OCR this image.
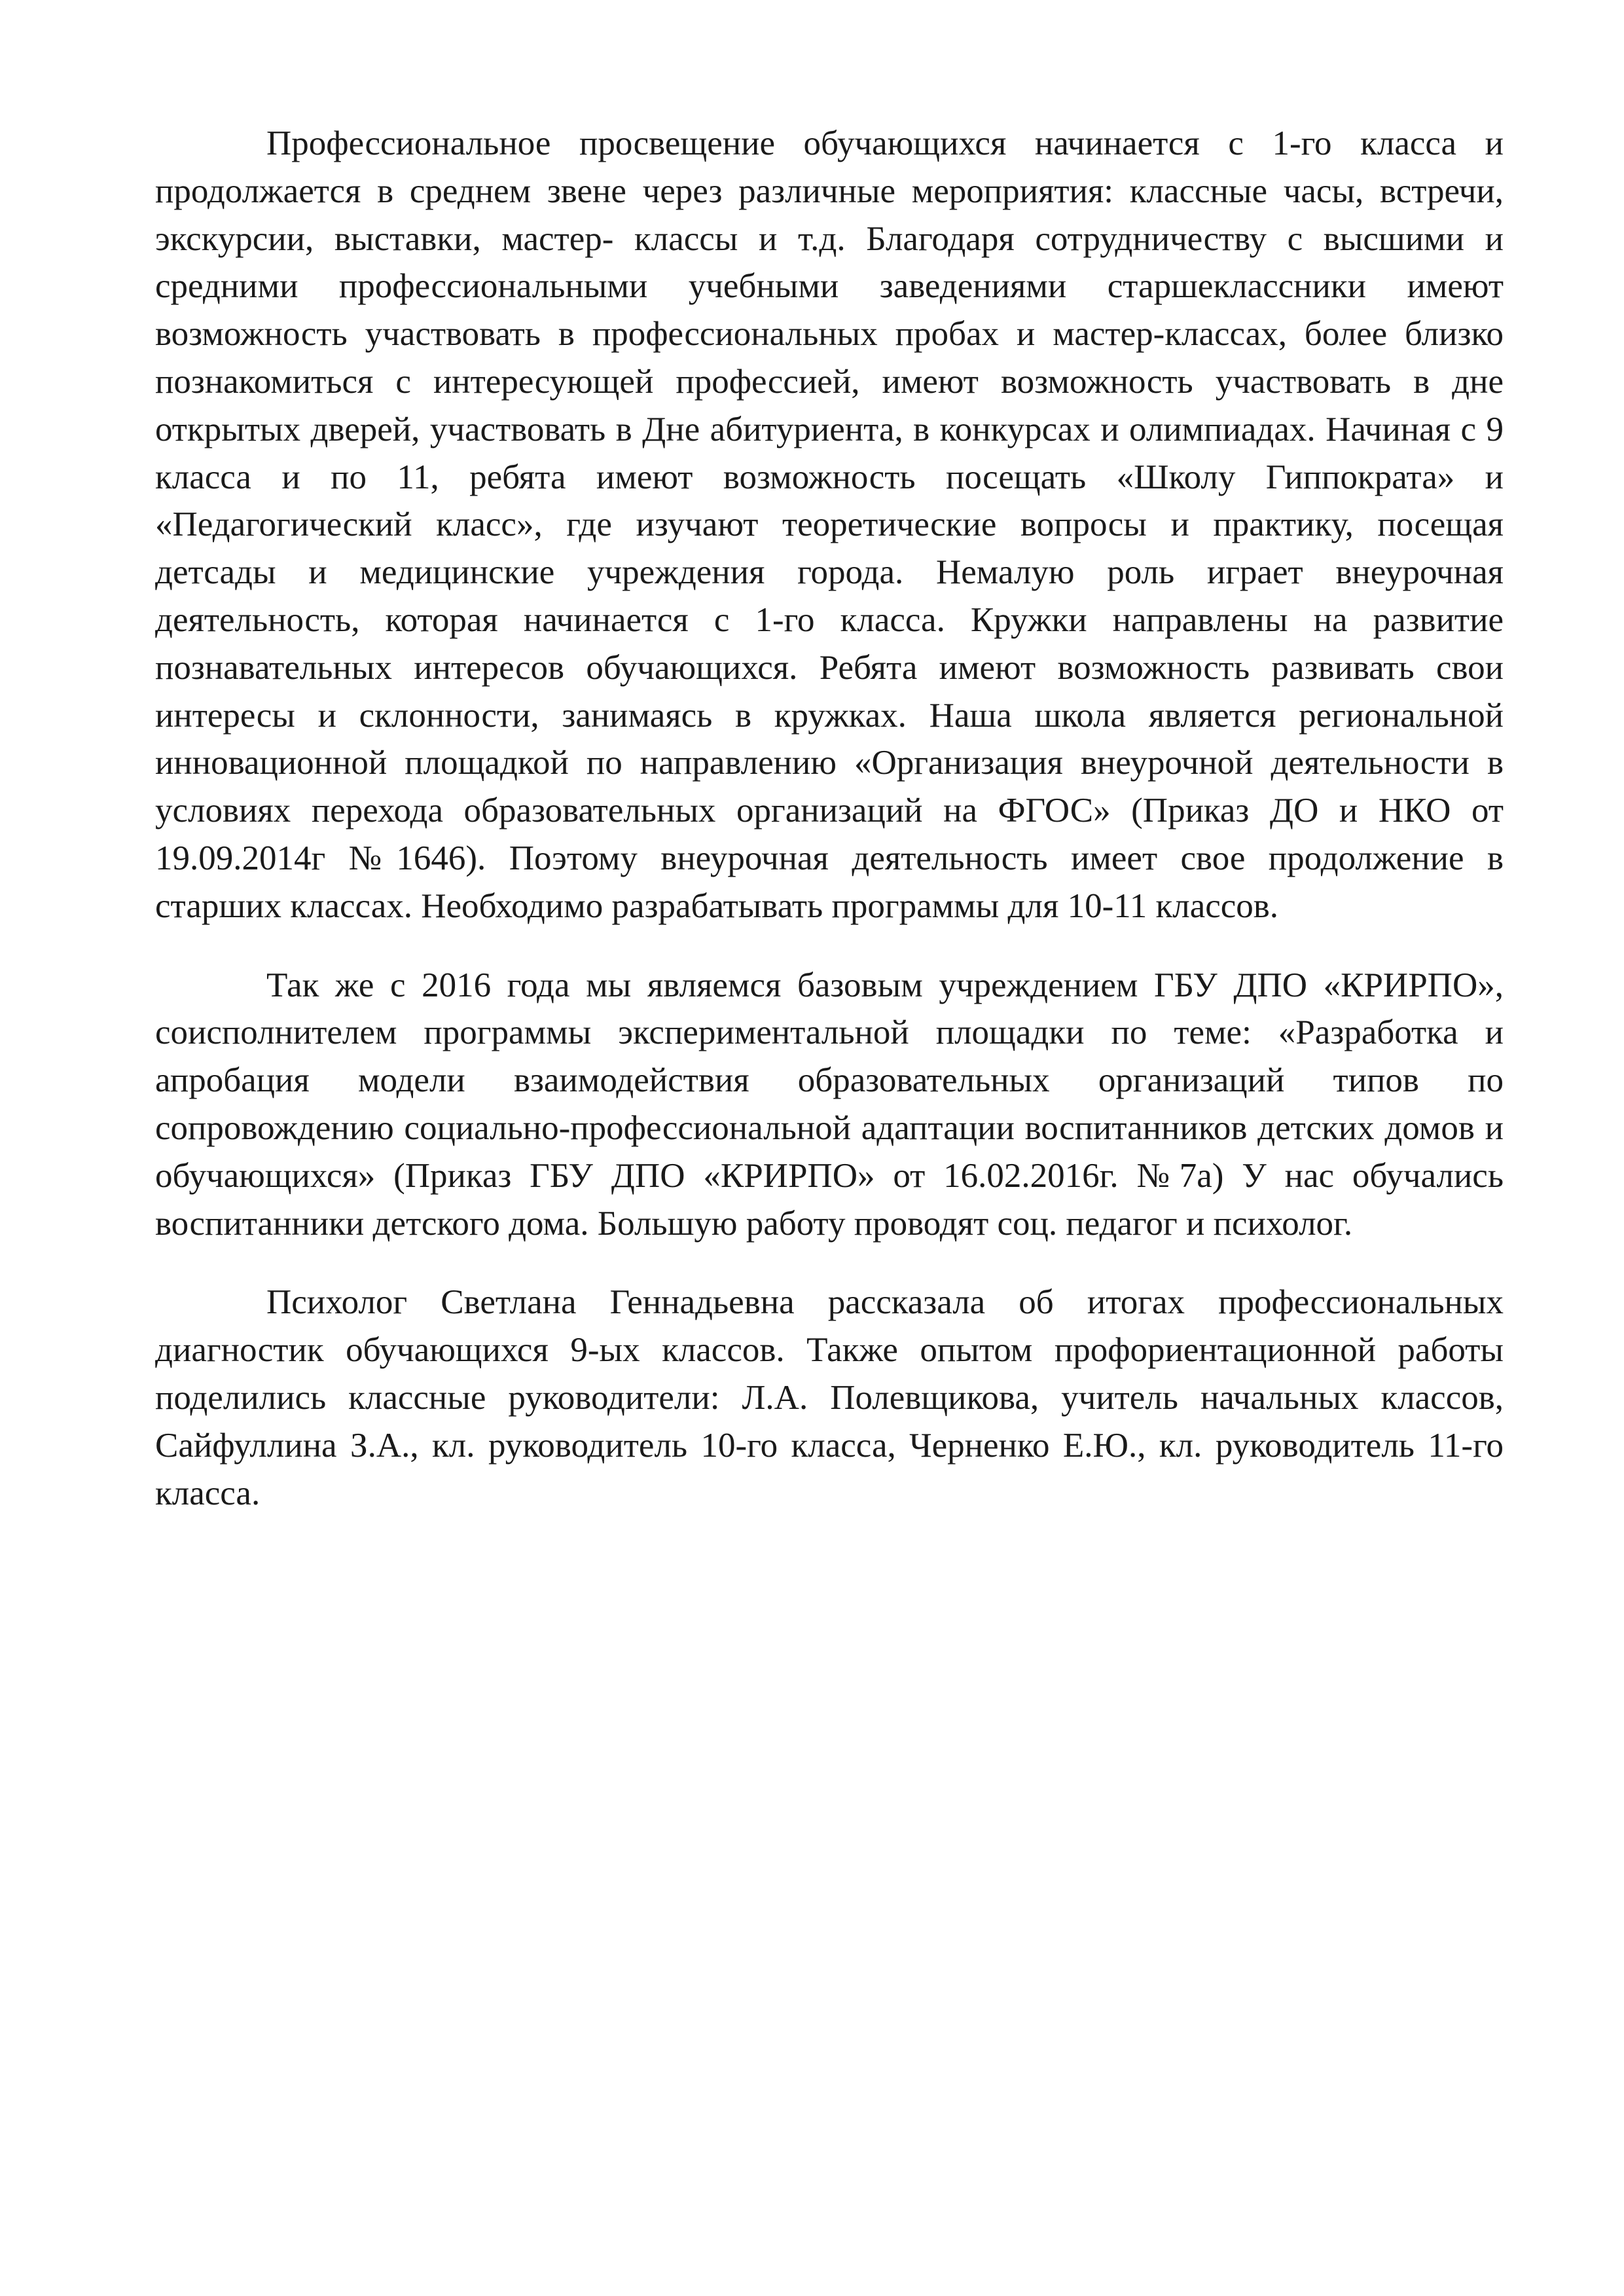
Профессиональное просвещение обучающихся начинается с 1-го класса и продолжается в среднем звене через различные мероприятия: классные часы, встречи, экскурсии, выставки, мастер- классы и т.д. Благодаря сотрудничеству с высшими и средними профессиональными учебными заведениями старшеклассники имеют возможность участвовать в профессиональных пробах и мастер-классах, более близко познакомиться с интересующей профессией, имеют возможность участвовать в дне открытых дверей, участвовать в Дне абитуриента, в конкурсах и олимпиадах. Начиная с 9 класса и по 11, ребята имеют возможность посещать «Школу Гиппократа» и «Педагогический класс», где изучают теоретические вопросы и практику, посещая детсады и медицинские учреждения города. Немалую роль играет внеурочная деятельность, которая начинается с 1-го класса. Кружки направлены на развитие познавательных интересов обучающихся. Ребята имеют возможность развивать свои интересы и склонности, занимаясь в кружках. Наша школа является региональной инновационной площадкой по направлению «Организация внеурочной деятельности в условиях перехода образовательных организаций на ФГОС» (Приказ ДО и НКО от 19.09.2014г №1646). Поэтому внеурочная деятельность имеет свое продолжение в старших классах. Необходимо разрабатывать программы для 10-11 классов.

Так же с 2016 года мы являемся базовым учреждением ГБУ ДПО «КРИРПО», соисполнителем программы экспериментальной площадки по теме: «Разработка и апробация модели взаимодействия образовательных организаций типов по сопровождению социально-профессиональной адаптации воспитанников детских домов и обучающихся» (Приказ ГБУ ДПО «КРИРПО» от 16.02.2016г. №7а) У нас обучались воспитанники детского дома. Большую работу проводят соц. педагог и психолог.

Психолог Светлана Геннадьевна рассказала об итогах профессиональных диагностик обучающихся 9-ых классов. Также опытом профориентационной работы поделились классные руководители: Л.А. Полевщикова, учитель начальных классов, Сайфуллина З.А., кл. руководитель 10-го класса, Черненко Е.Ю., кл. руководитель 11-го класса.
